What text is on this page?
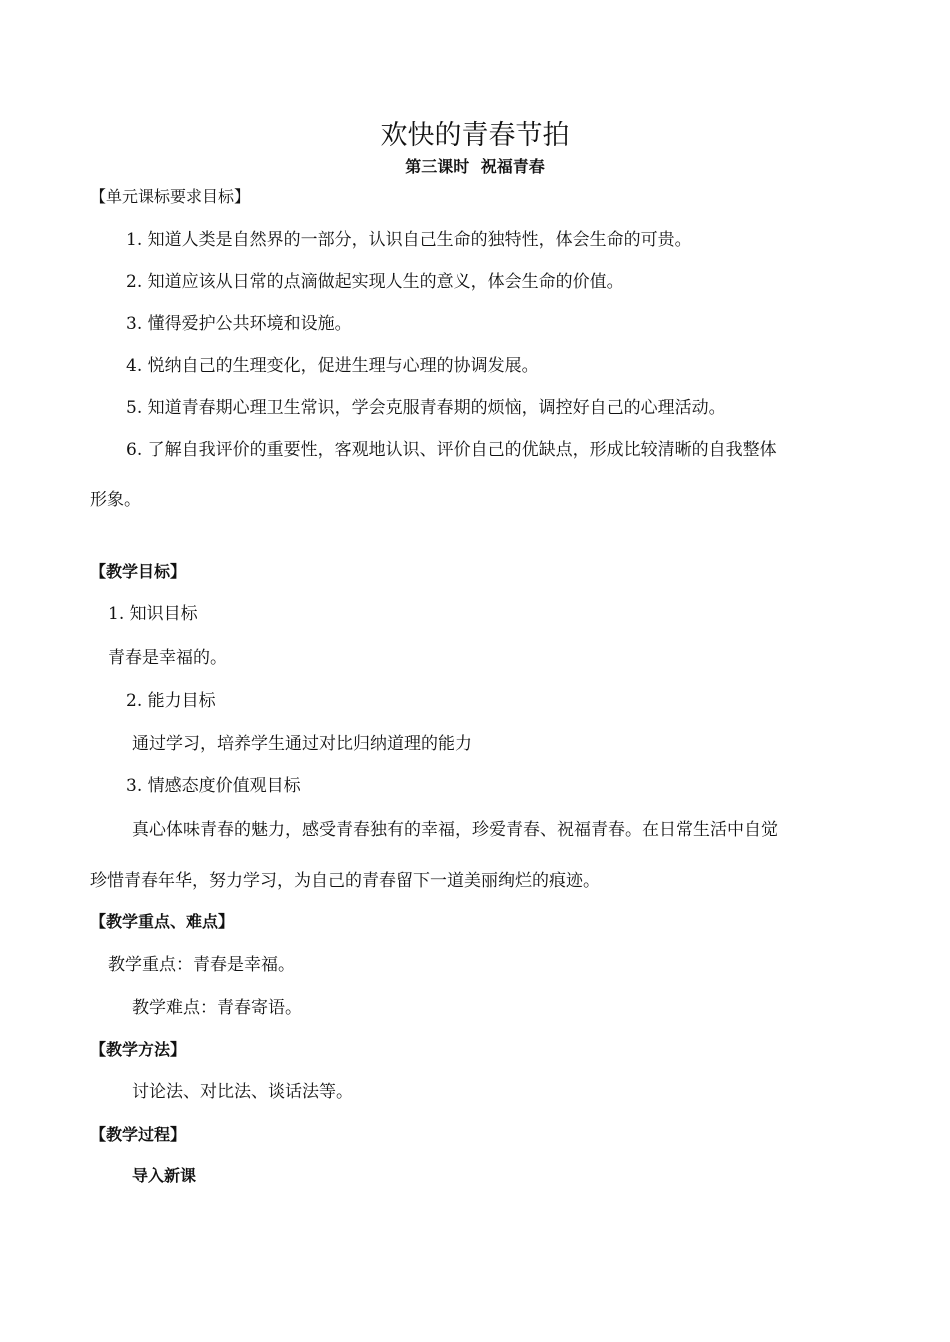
欢快的青春节拍
第三课时 祝福青春
【单元课标要求目标】
1. 知道人类是自然界的一部分，认识自己生命的独特性，体会生命的可贵。
2. 知道应该从日常的点滴做起实现人生的意义，体会生命的价值。
3. 懂得爱护公共环境和设施。
4. 悦纳自己的生理变化，促进生理与心理的协调发展。
5. 知道青春期心理卫生常识，学会克服青春期的烦恼，调控好自己的心理活动。
6. 了解自我评价的重要性，客观地认识、评价自己的优缺点，形成比较清晰的自我整体
形象。
【教学目标】
1. 知识目标
青春是幸福的。
2. 能力目标
通过学习，培养学生通过对比归纳道理的能力
3. 情感态度价值观目标
真心体味青春的魅力，感受青春独有的幸福，珍爱青春、祝福青春。在日常生活中自觉
珍惜青春年华，努力学习，为自己的青春留下一道美丽绚烂的痕迹。
【教学重点、难点】
教学重点：青春是幸福。
教学难点：青春寄语。
【教学方法】
讨论法、对比法、谈话法等。
【教学过程】
导入新课
